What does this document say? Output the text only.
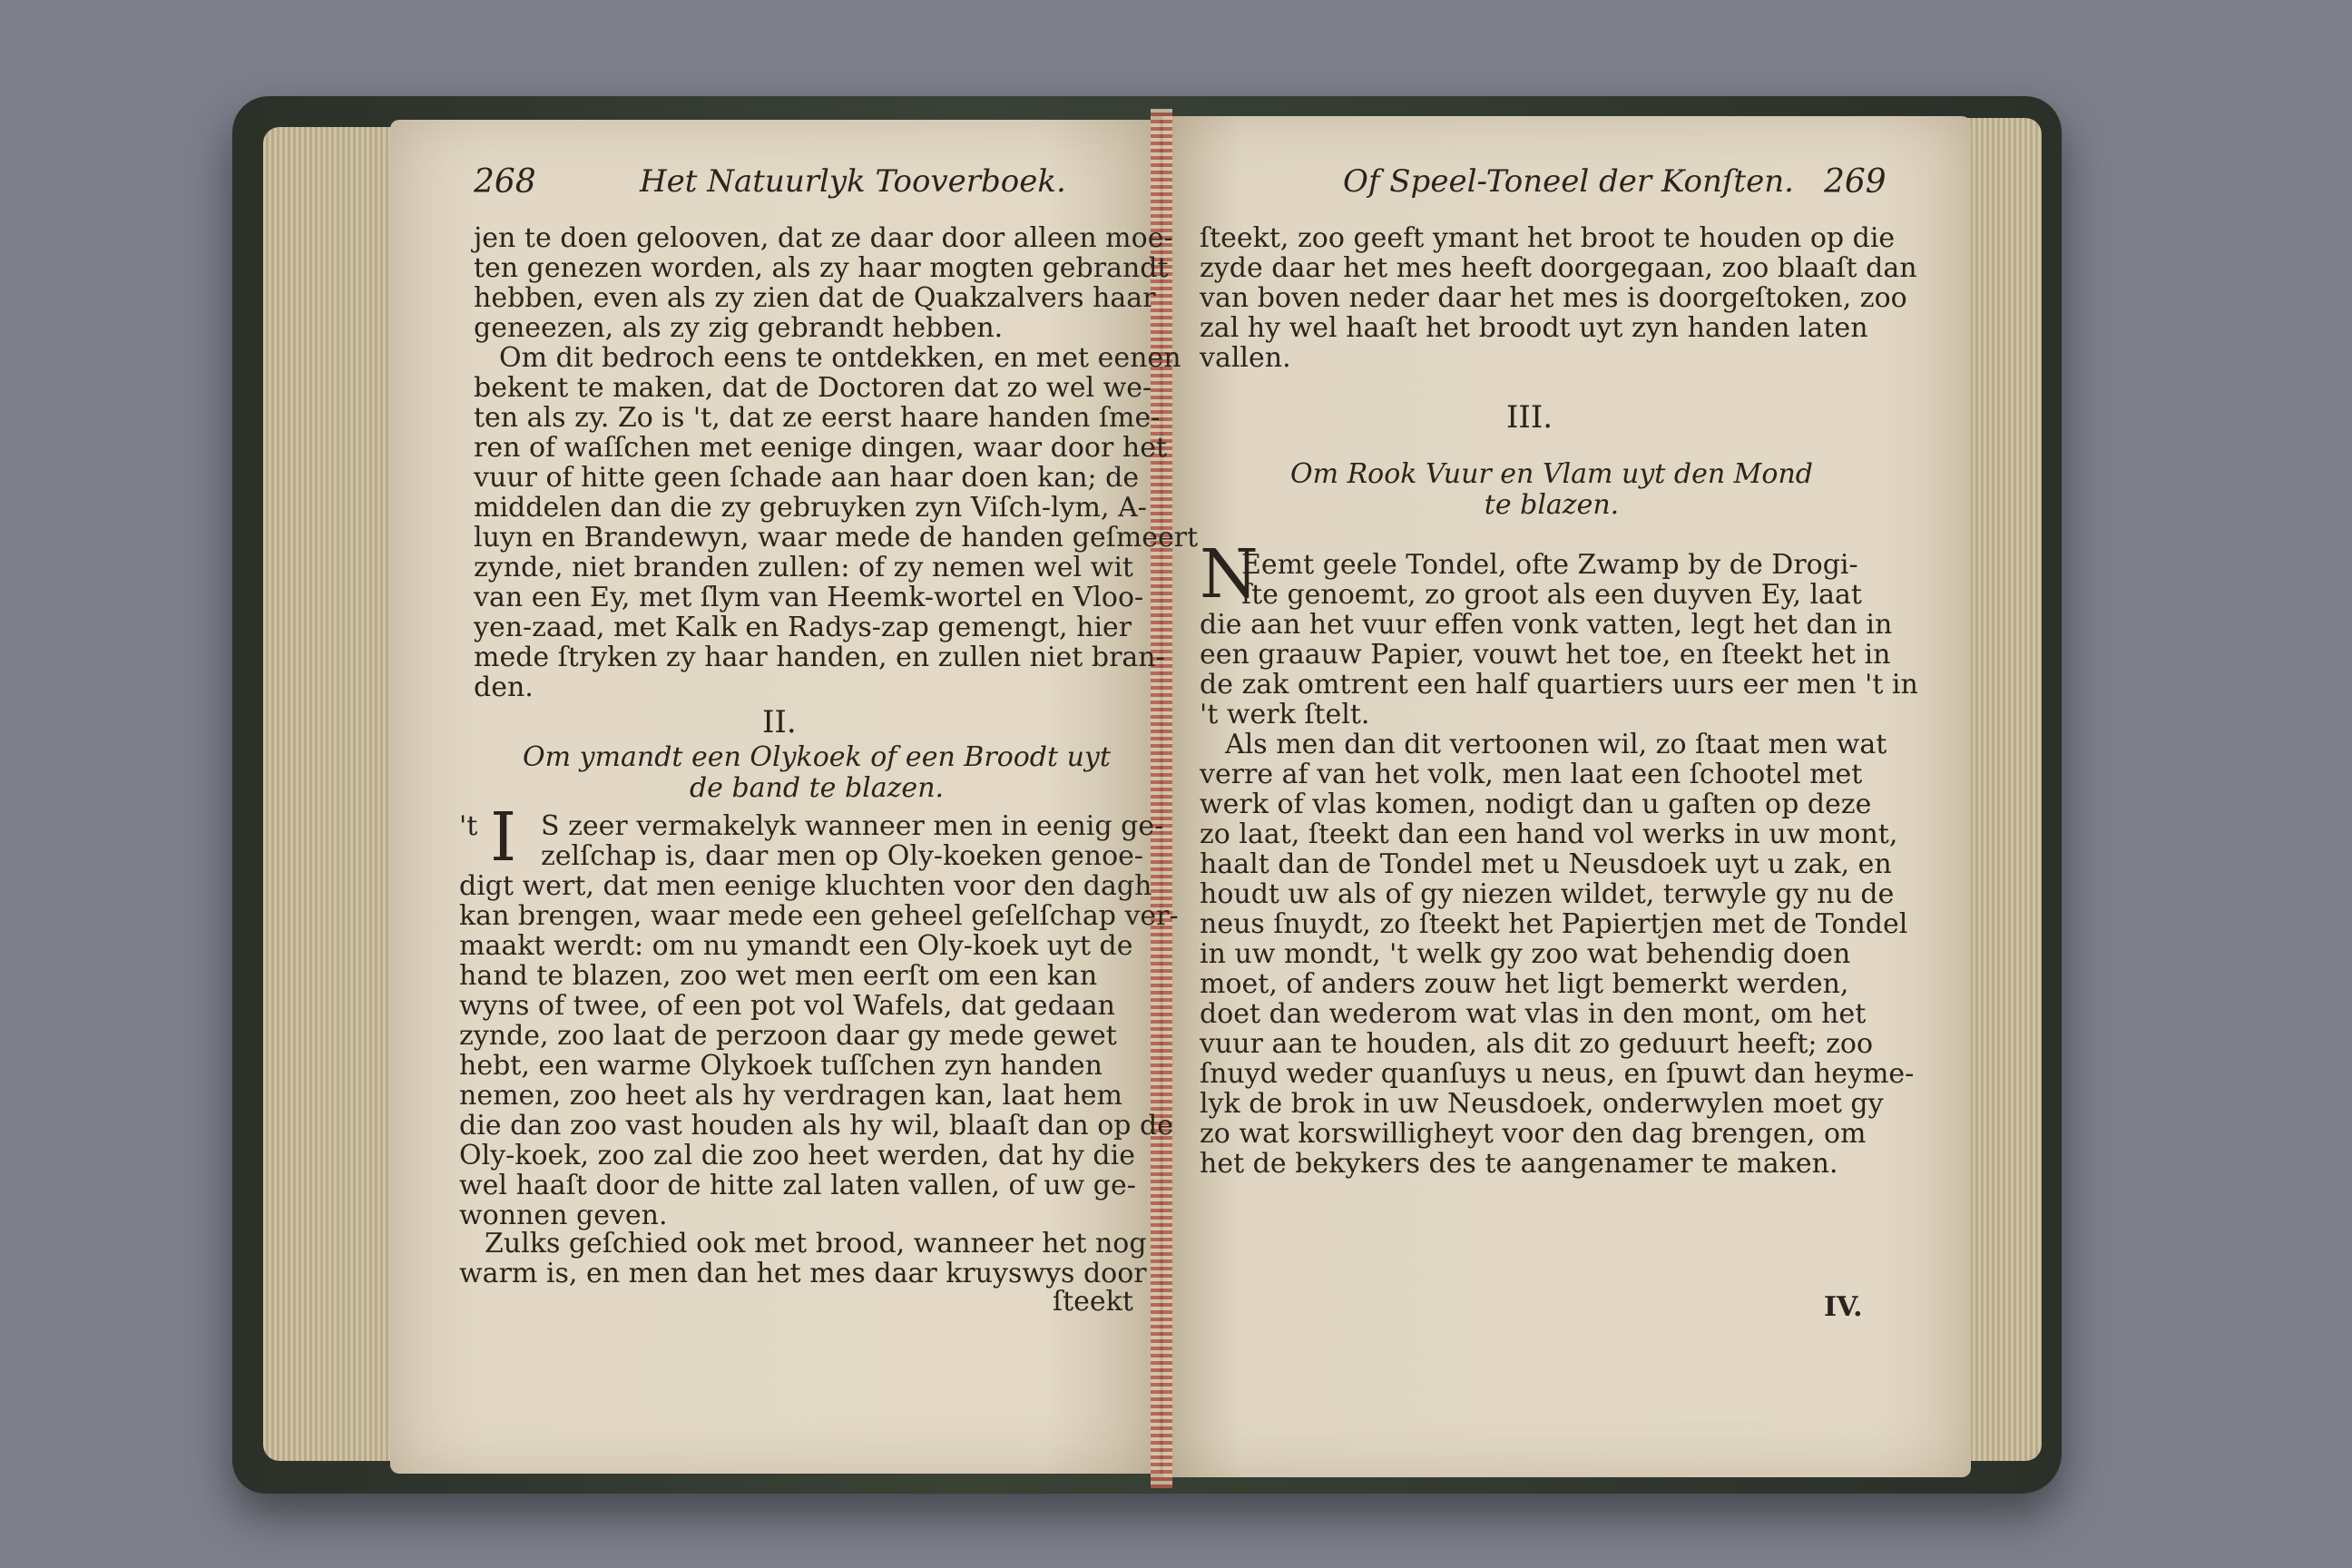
268	Het Natuurlyk Tooverboek.
jen te doen gelooven, dat ze daar door alleen moe-
ten genezen worden, als zy haar mogten gebrandt
hebben, even als zy zien dat de Quakzalvers haar
geneezen, als zy zig gebrandt hebben.
Om dit bedroch eens te ontdekken, en met eenen
bekent te maken, dat de Doctoren dat zo wel we-
ten als zy. Zo is 't, dat ze eerst haare handen ſme-
ren of waſſchen met eenige dingen, waar door het
vuur of hitte geen ſchade aan haar doen kan; de
middelen dan die zy gebruyken zyn Viſch-lym, A-
luyn en Brandewyn, waar mede de handen geſmeert
zynde, niet branden zullen: of zy nemen wel wit
van een Ey, met ſlym van Heemk-wortel en Vloo-
yen-zaad, met Kalk en Radys-zap gemengt, hier
mede ſtryken zy haar handen, en zullen niet bran-
den.
II.
Om ymandt een Olykoek of een Broodt uyt
de band te blazen.
't I S zeer vermakelyk wanneer men in eenig ge-
zelſchap is, daar men op Oly-koeken genoe-
digt wert, dat men eenige kluchten voor den dagh
kan brengen, waar mede een geheel geſelſchap ver-
maakt werdt: om nu ymandt een Oly-koek uyt de
hand te blazen, zoo wet men eerſt om een kan
wyns of twee, of een pot vol Wafels, dat gedaan
zynde, zoo laat de perzoon daar gy mede gewet
hebt, een warme Olykoek tuſſchen zyn handen
nemen, zoo heet als hy verdragen kan, laat hem
die dan zoo vast houden als hy wil, blaaſt dan op de
Oly-koek, zoo zal die zoo heet werden, dat hy die
wel haaſt door de hitte zal laten vallen, of uw ge-
wonnen geven.
Zulks geſchied ook met brood, wanneer het nog
warm is, en men dan het mes daar kruyswys door
ſteekt
Of Speel-Toneel der Konſten. 269
ſteekt, zoo geeft ymant het broot te houden op die
zyde daar het mes heeft doorgegaan, zoo blaaſt dan
van boven neder daar het mes is doorgeſtoken, zoo
zal hy wel haaſt het broodt uyt zyn handen laten
vallen.
III.
Om Rook Vuur en Vlam uyt den Mond
te blazen.
N
Eemt geele Tondel, ofte Zwamp by de Drogi-
ſte genoemt, zo groot als een duyven Ey, laat
die aan het vuur effen vonk vatten, legt het dan in
een graauw Papier, vouwt het toe, en ſteekt het in
de zak omtrent een half quartiers uurs eer men 't in
't werk ſtelt.
Als men dan dit vertoonen wil, zo ſtaat men wat
verre af van het volk, men laat een ſchootel met
werk of vlas komen, nodigt dan u gaſten op deze
zo laat, ſteekt dan een hand vol werks in uw mont,
haalt dan de Tondel met u Neusdoek uyt u zak, en
houdt uw als of gy niezen wildet, terwyle gy nu de
neus ſnuydt, zo ſteekt het Papiertjen met de Tondel
in uw mondt, 't welk gy zoo wat behendig doen
moet, of anders zouw het ligt bemerkt werden,
doet dan wederom wat vlas in den mont, om het
vuur aan te houden, als dit zo geduurt heeft; zoo
ſnuyd weder quanſuys u neus, en ſpuwt dan heyme-
lyk de brok in uw Neusdoek, onderwylen moet gy
zo wat korswilligheyt voor den dag brengen, om
het de bekykers des te aangenamer te maken.
IV.
